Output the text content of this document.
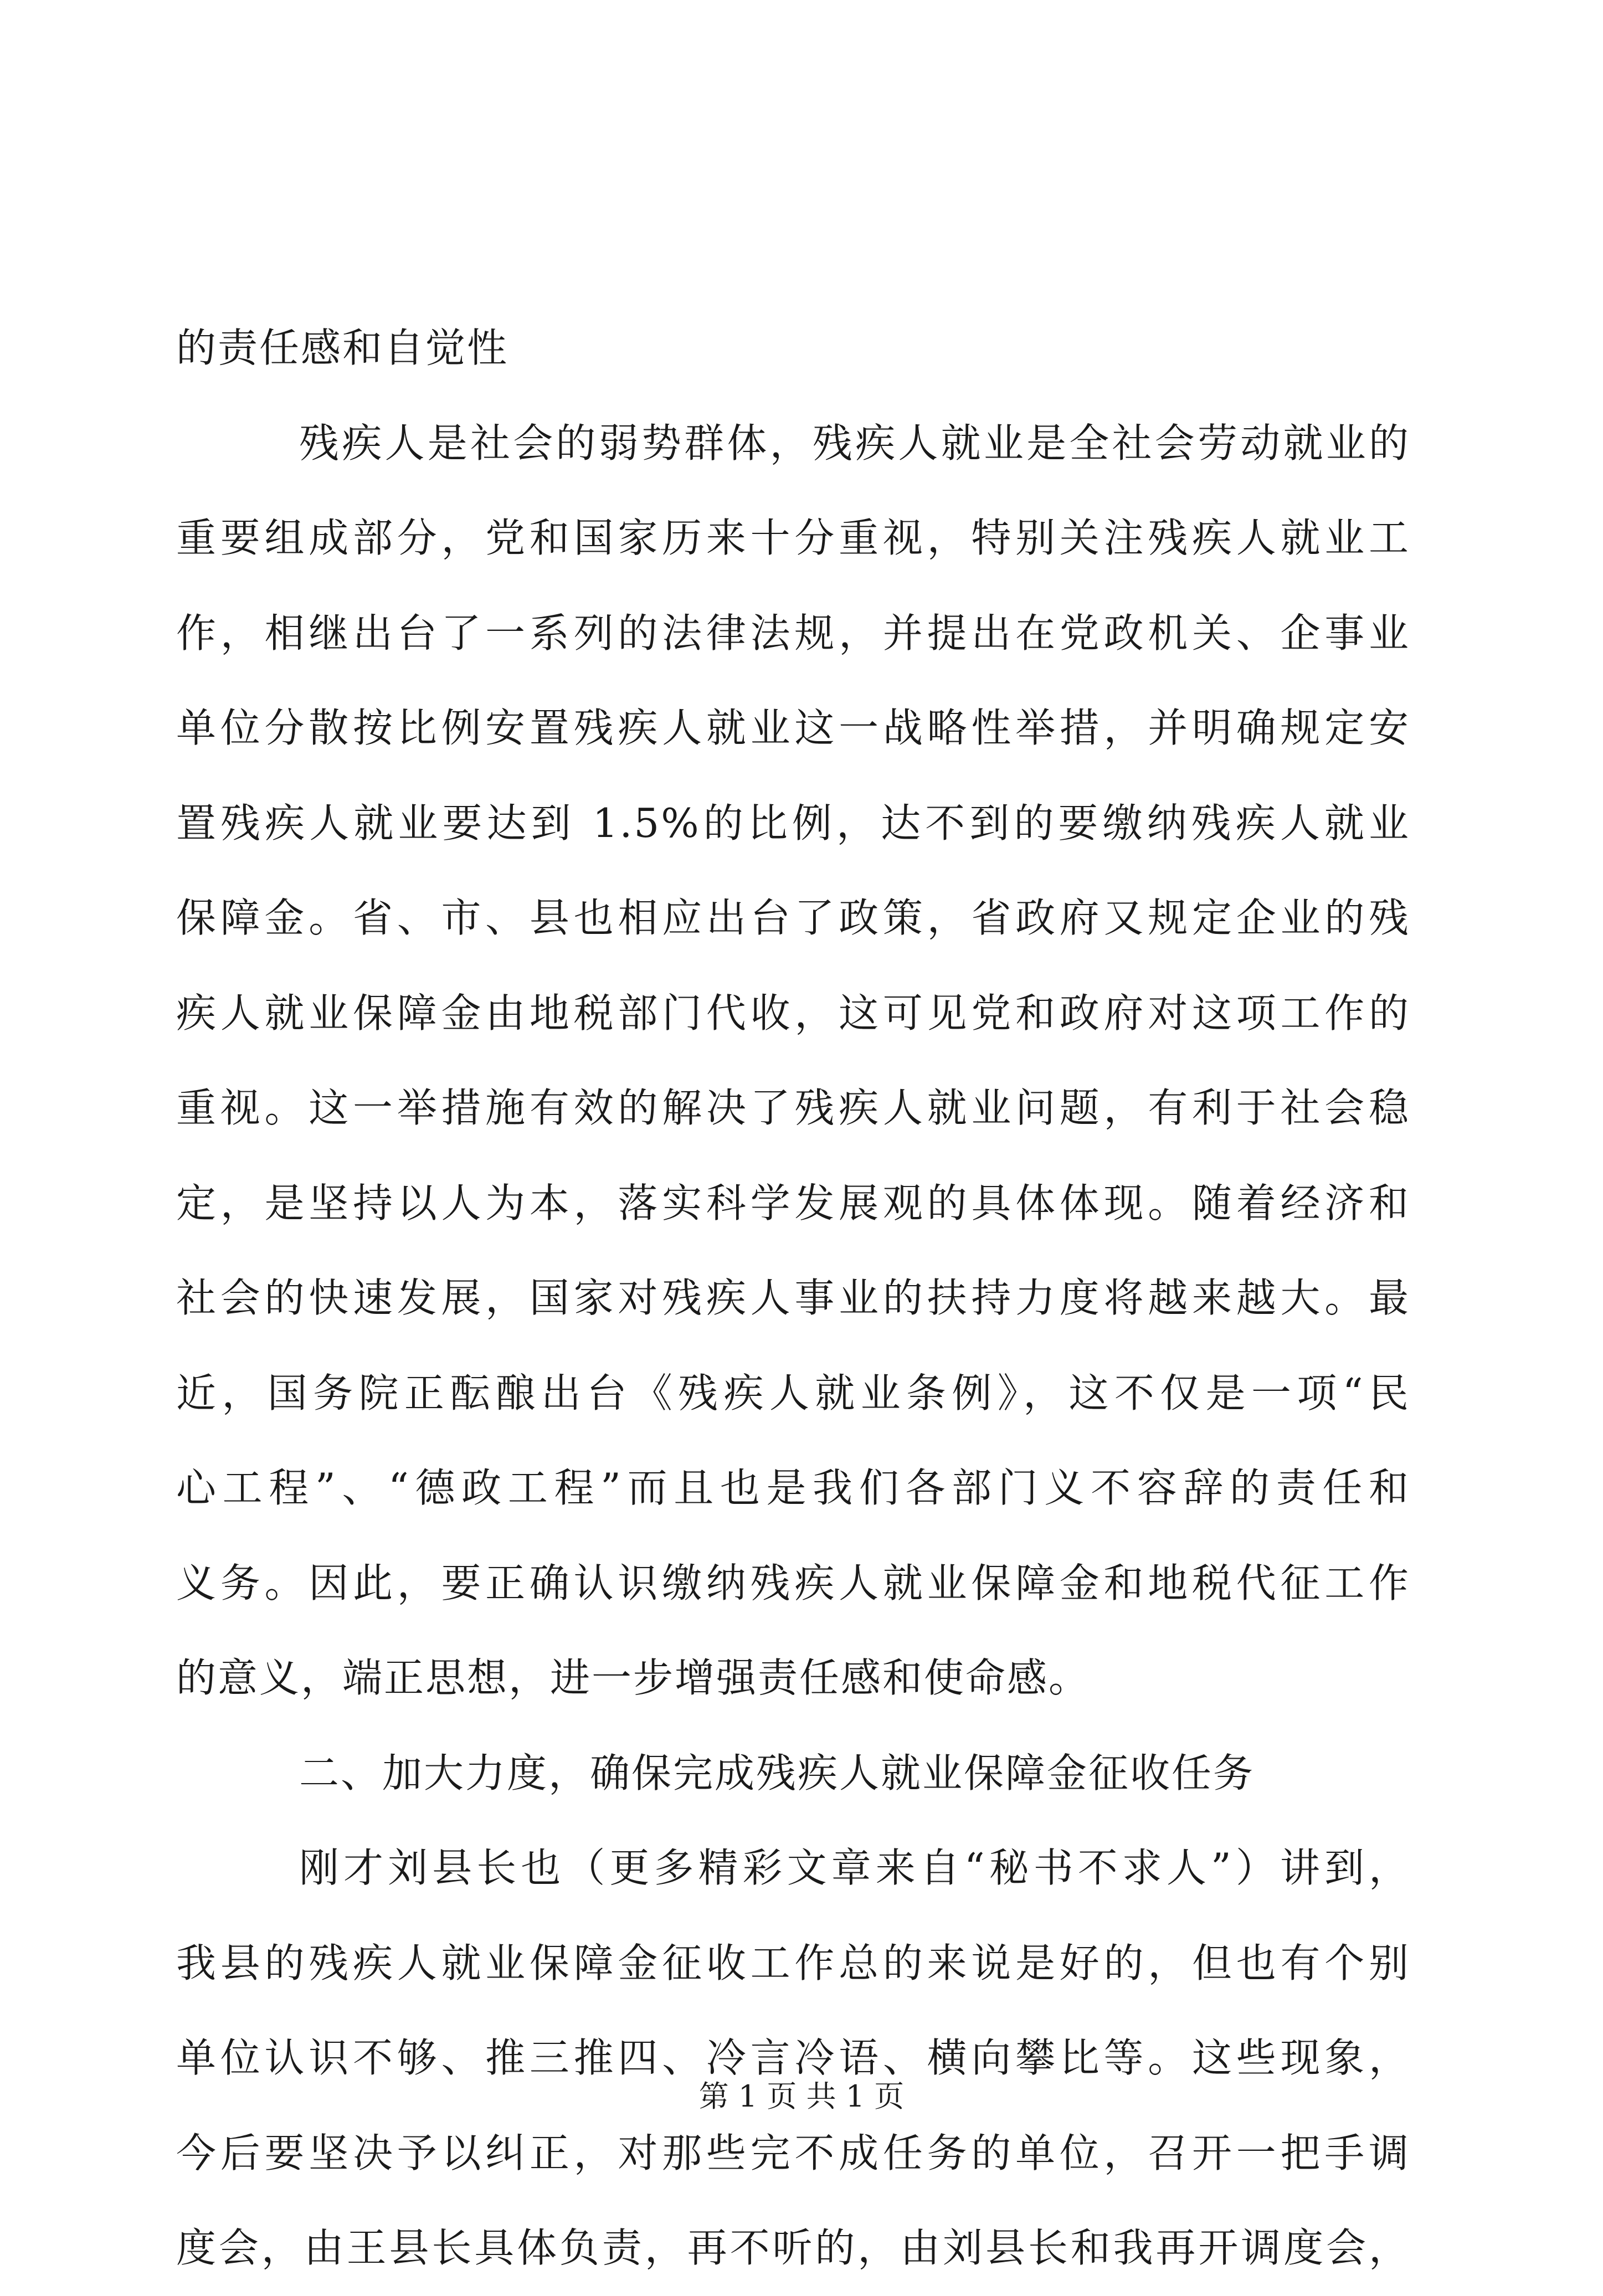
的责任感和自觉性
残疾人是社会的弱势群体，残疾人就业是全社会劳动就业的
重要组成部分，党和国家历来十分重视，特别关注残疾人就业工
作，相继出台了一系列的法律法规，并提出在党政机关、企事业
单位分散按比例安置残疾人就业这一战略性举措，并明确规定安
置残疾人就业要达到 1.5%的比例，达不到的要缴纳残疾人就业
保障金。省、市、县也相应出台了政策，省政府又规定企业的残
疾人就业保障金由地税部门代收，这可见党和政府对这项工作的
重视。这一举措施有效的解决了残疾人就业问题，有利于社会稳
定，是坚持以人为本，落实科学发展观的具体体现。随着经济和
社会的快速发展，国家对残疾人事业的扶持力度将越来越大。最
近，国务院正酝酿出台《残疾人就业条例》，这不仅是一项“民
心工程”、“德政工程”而且也是我们各部门义不容辞的责任和
义务。因此，要正确认识缴纳残疾人就业保障金和地税代征工作
的意义，端正思想，进一步增强责任感和使命感。
二、加大力度，确保完成残疾人就业保障金征收任务
刚才刘县长也（更多精彩文章来自“秘书不求人”）讲到，
我县的残疾人就业保障金征收工作总的来说是好的，但也有个别
单位认识不够、推三推四、冷言冷语、横向攀比等。这些现象，
今后要坚决予以纠正，对那些完不成任务的单位，召开一把手调
度会，由王县长具体负责，再不听的，由刘县长和我再开调度会，
第 1 页 共 1 页
